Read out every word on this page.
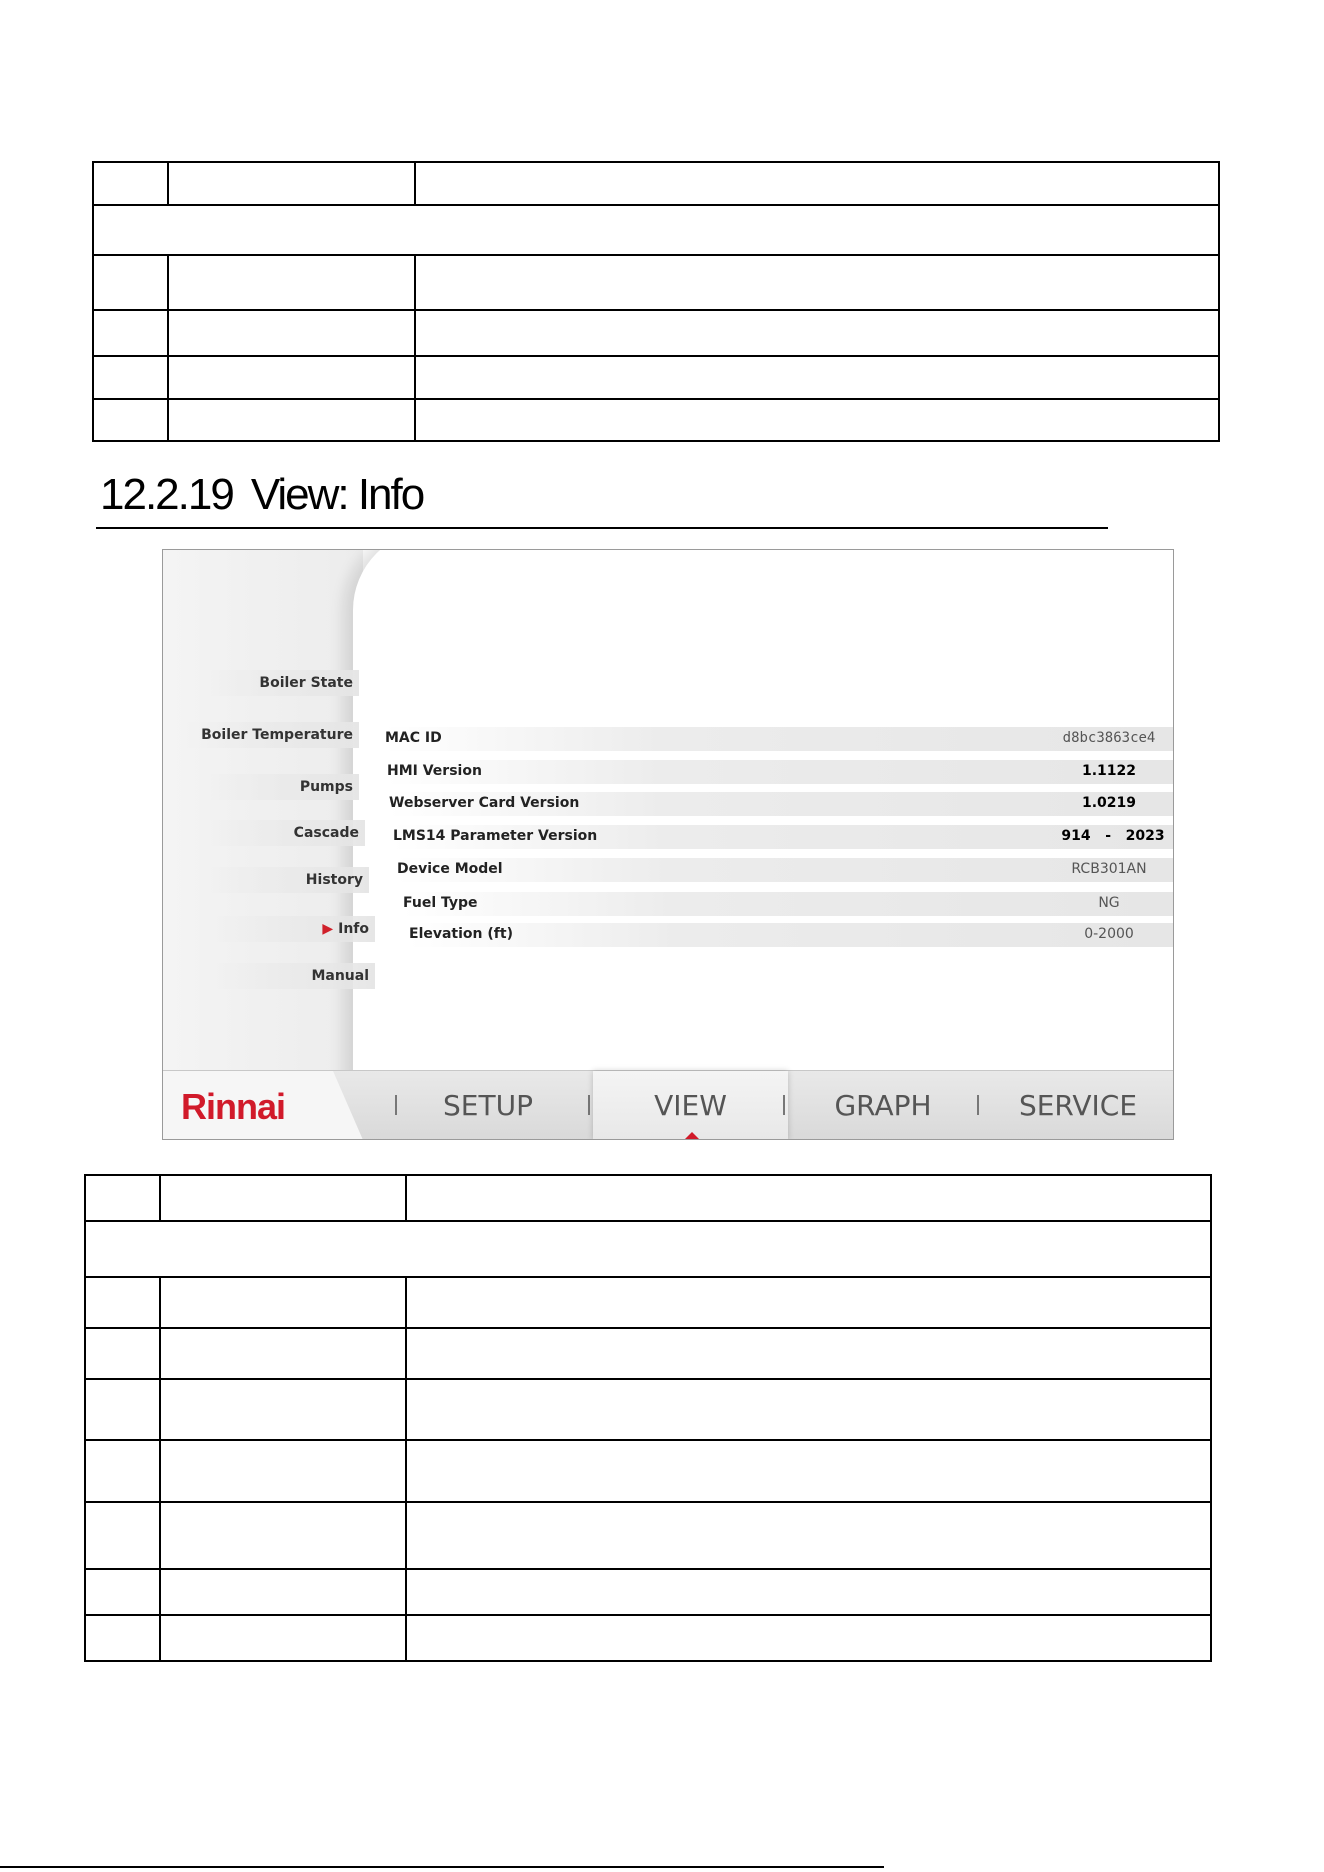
12.2.19 View: Info
Boiler State
Boiler Temperature
Pumps
Cascade
History
▶ Info
Manual
MAC ID	d8bc3863ce4
HMI Version	1.1122
Webserver Card Version	1.0219
LMS14 Parameter Version	914   -   2023
Device Model	RCB301AN
Fuel Type	NG
Elevation (ft)	0-2000
Rinnai	SETUP	VIEW	GRAPH	SERVICE
